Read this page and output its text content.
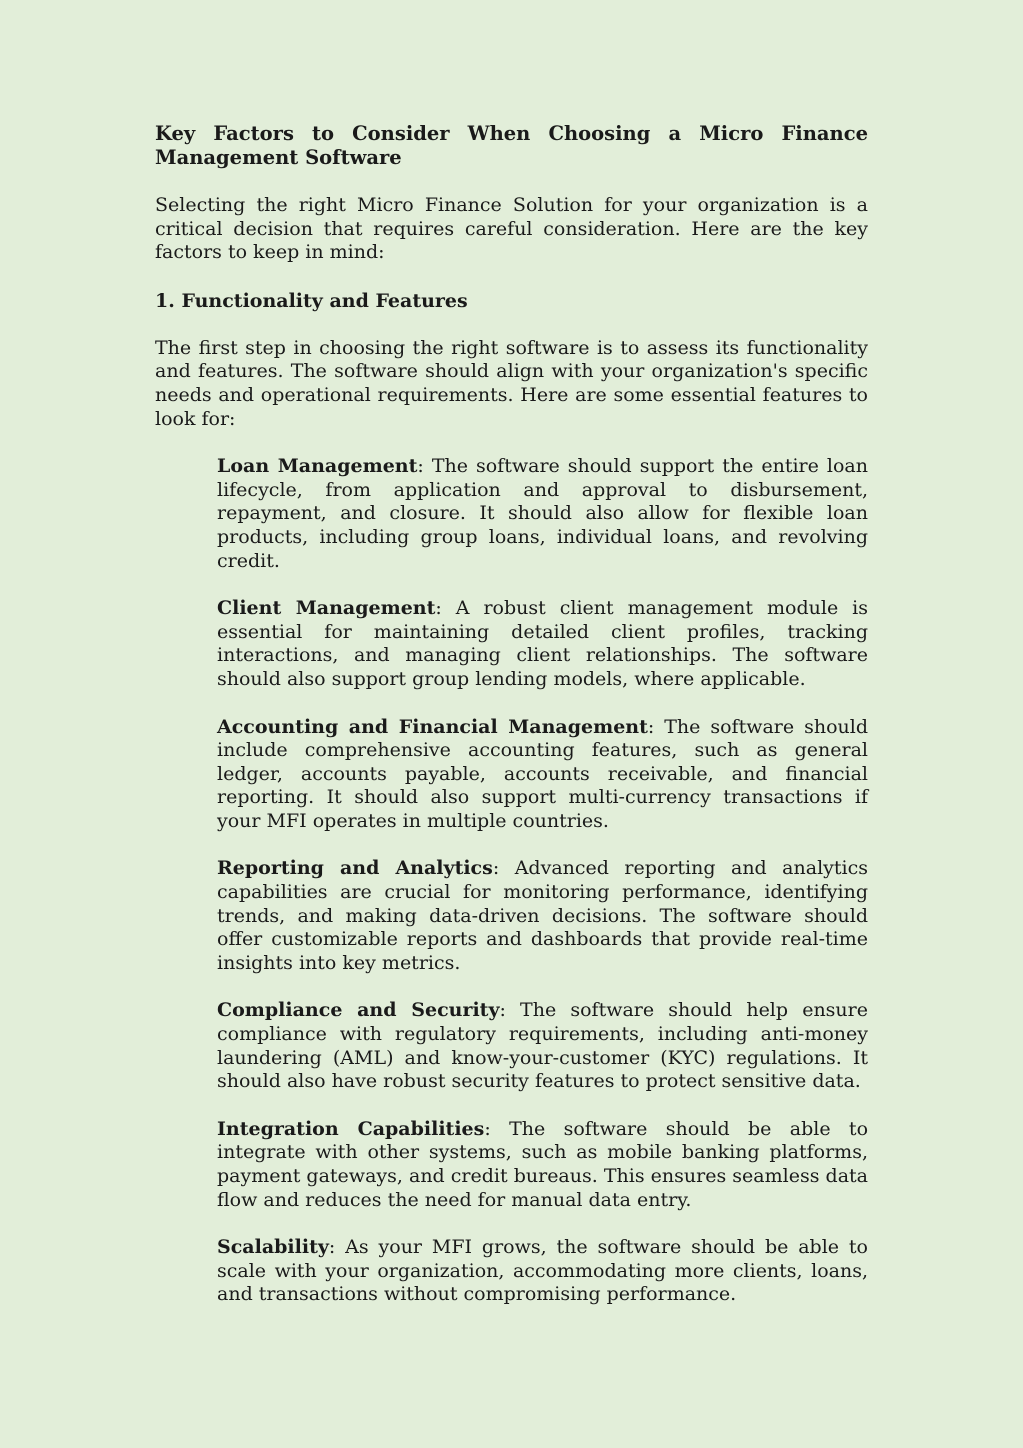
Key Factors to Consider When Choosing a Micro Finance Management Software

Selecting the right Micro Finance Solution for your organization is a critical decision that requires careful consideration. Here are the key factors to keep in mind:

1. Functionality and Features

The first step in choosing the right software is to assess its functionality and features. The software should align with your organization's specific needs and operational requirements. Here are some essential features to look for:

Loan Management: The software should support the entire loan lifecycle, from application and approval to disbursement, repayment, and closure. It should also allow for flexible loan products, including group loans, individual loans, and revolving credit.
Client Management: A robust client management module is essential for maintaining detailed client profiles, tracking interactions, and managing client relationships. The software should also support group lending models, where applicable.
Accounting and Financial Management: The software should include comprehensive accounting features, such as general ledger, accounts payable, accounts receivable, and financial reporting. It should also support multi-currency transactions if your MFI operates in multiple countries.
Reporting and Analytics: Advanced reporting and analytics capabilities are crucial for monitoring performance, identifying trends, and making data-driven decisions. The software should offer customizable reports and dashboards that provide real-time insights into key metrics.
Compliance and Security: The software should help ensure compliance with regulatory requirements, including anti-money laundering (AML) and know-your-customer (KYC) regulations. It should also have robust security features to protect sensitive data.
Integration Capabilities: The software should be able to integrate with other systems, such as mobile banking platforms, payment gateways, and credit bureaus. This ensures seamless data flow and reduces the need for manual data entry.
Scalability: As your MFI grows, the software should be able to scale with your organization, accommodating more clients, loans, and transactions without compromising performance.
